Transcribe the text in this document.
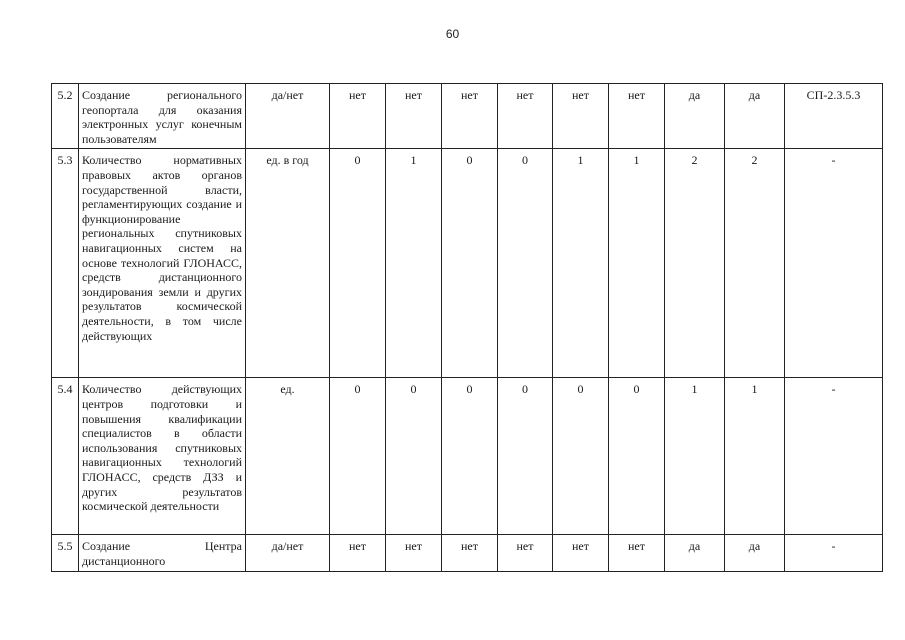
60
5.2	Создание регионального геопортала для оказания электронных услуг конечным пользователям	да/нет	нет	нет	нет	нет	нет	нет	да	да	СП-2.3.5.3
5.3	Количество нормативных правовых актов органов государственной власти, регламентирующих создание и функционирование региональных спутниковых навигационных систем на основе технологий ГЛОНАСС, средств дистанционного зондирования земли и других результатов космической деятельности, в том числе действующих	ед. в год	0	1	0	0	1	1	2	2	-
5.4	Количество действующих центров подготовки и повышения квалификации специалистов в области использования спутниковых навигационных технологий ГЛОНАСС, средств ДЗЗ и других результатов космической деятельности	ед.	0	0	0	0	0	0	1	1	-
5.5	Создание Центра дистанционного	да/нет	нет	нет	нет	нет	нет	нет	да	да	-
